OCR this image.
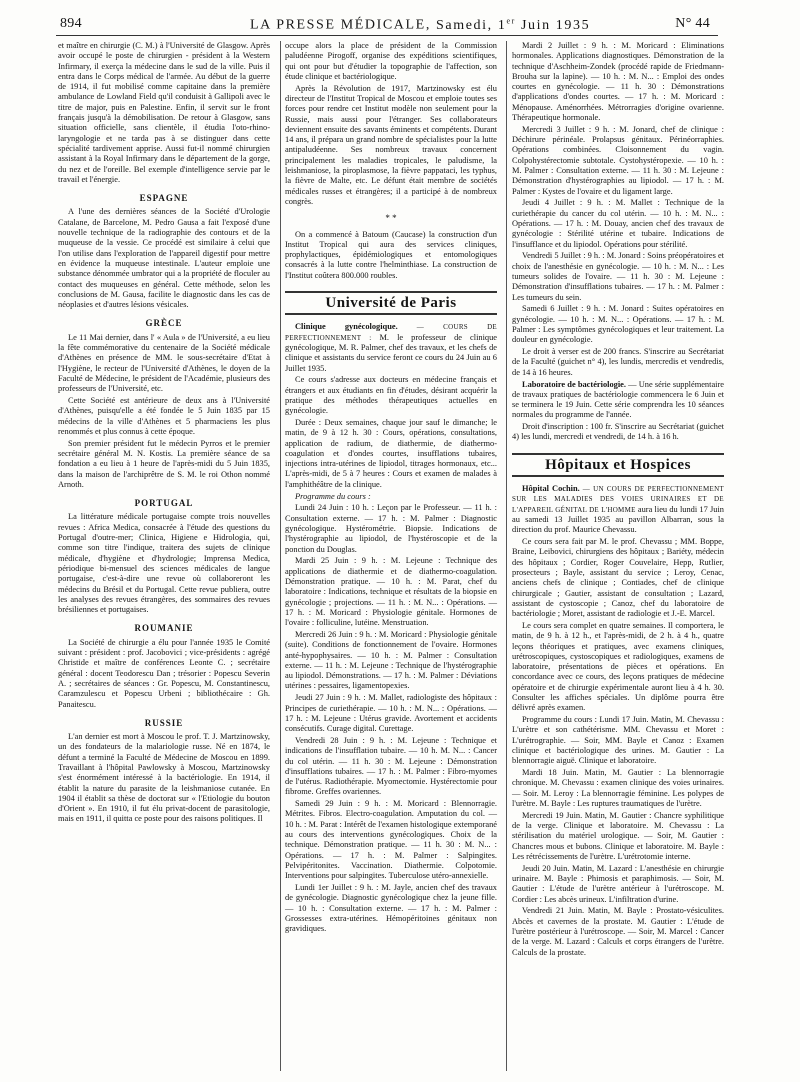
894	LA PRESSE MÉDICALE, Samedi, 1er Juin 1935	N° 44

et maître en chirurgie (C. M.) à l'Université de Glasgow. Après avoir occupé le poste de chirurgien - président à la Western Infirmary, il exerça la médecine dans le sud de la ville. Puis il entra dans le Corps médical de l'armée. Au début de la guerre de 1914, il fut mobilisé comme capitaine dans la première ambulance de Lowland Field qu'il conduisit à Gallipoli avec le titre de major, puis en Palestine. Enfin, il servit sur le front français jusqu'à la démobilisation. De retour à Glasgow, sans situation officielle, sans clientèle, il étudia l'oto-rhino-laryngologie et ne tarda pas à se distinguer dans cette spécialité tardivement apprise. Aussi fut-il nommé chirurgien assistant à la Royal Infirmary dans le département de la gorge, du nez et de l'oreille. Bel exemple d'intelligence servie par le travail et l'énergie.

ESPAGNE

A l'une des dernières séances de la Société d'Urologie Catalane, de Barcelone, M. Pedro Gausa a fait l'exposé d'une nouvelle technique de la radiographie des contours et de la muqueuse de la vessie. Ce procédé est similaire à celui que l'on utilise dans l'exploration de l'appareil digestif pour mettre en évidence la muqueuse intestinale. L'auteur emploie une substance dénommée umbrator qui a la propriété de floculer au contact des muqueuses en général. Cette méthode, selon les conclusions de M. Gausa, facilite le diagnostic dans les cas de néoplasies et d'autres lésions vésicales.

GRÈCE

Le 11 Mai dernier, dans l' « Aula » de l'Université, a eu lieu la fête commémorative du centenaire de la Société médicale d'Athènes en présence de MM. le sous-secrétaire d'Etat à l'Hygiène, le recteur de l'Université d'Athènes, le doyen de la Faculté de Médecine, le président de l'Académie, plusieurs des professeurs de l'Université, etc.

Cette Société est antérieure de deux ans à l'Université d'Athènes, puisqu'elle a été fondée le 5 Juin 1835 par 15 médecins de la ville d'Athènes et 5 pharmaciens les plus renommés et plus connus à cette époque.

Son premier président fut le médecin Pyrros et le premier secrétaire général M. N. Kostis. La première séance de sa fondation a eu lieu à 1 heure de l'après-midi du 5 Juin 1835, dans la maison de l'archiprêtre de S. M. le roi Othon nommé Arnoth.

PORTUGAL

La littérature médicale portugaise compte trois nouvelles revues : Africa Medica, consacrée à l'étude des questions du Portugal d'outre-mer; Clinica, Higiene e Hidrologia, qui, comme son titre l'indique, traitera des sujets de clinique médicale, d'hygiène et d'hydrologie; Imprensa Medica, périodique bi-mensuel des sciences médicales de langue portugaise, c'est-à-dire une revue où collaboreront les médecins du Brésil et du Portugal. Cette revue publiera, outre les analyses des revues étrangères, des sommaires des revues brésiliennes et portugaises.

ROUMANIE

La Société de chirurgie a élu pour l'année 1935 le Comité suivant : président : prof. Jacobovici ; vice-présidents : agrégé Christide et maître de conférences Leonte C. ; secrétaire général : docent Teodorescu Dan ; trésorier : Popescu Severin A. ; secrétaires de séances : Gr. Popescu, M. Constantinescu, Caramzulescu et Popescu Urbeni ; bibliothécaire : Gh. Panaitescu.

RUSSIE

L'an dernier est mort à Moscou le prof. T. J. Martzinowsky, un des fondateurs de la malariologie russe. Né en 1874, le défunt a terminé la Faculté de Médecine de Moscou en 1899. Travaillant à l'hôpital Pawlowsky à Moscou, Martzinowsky s'est énormément intéressé à la bactériologie. En 1914, il établit la nature du parasite de la leishmaniose cutanée. En 1904 il établit sa thèse de doctorat sur « l'Etiologie du bouton d'Orient ». En 1910, il fut élu privat-docent de parasitologie, mais en 1911, il quitta ce poste pour des raisons politiques. Il

occupe alors la place de président de la Commission paludéenne Pirogoff, organise des expéditions scientifiques, qui ont pour but d'étudier la topographie de l'affection, son étude clinique et bactériologique.

Après la Révolution de 1917, Martzinowsky est élu directeur de l'Institut Tropical de Moscou et emploie toutes ses forces pour rendre cet Institut modèle non seulement pour la Russie, mais aussi pour l'étranger. Ses collaborateurs deviennent ensuite des savants éminents et compétents. Durant 14 ans, il prépara un grand nombre de spécialistes pour la lutte antipaludéenne. Ses nombreux travaux concernent principalement les maladies tropicales, le paludisme, la leishmaniose, la piroplasmose, la fièvre pappataci, les typhus, la fièvre de Malte, etc. Le défunt était membre de sociétés médicales russes et étrangères; il a participé à de nombreux congrès.

* *

On a commencé à Batoum (Caucase) la construction d'un Institut Tropical qui aura des services cliniques, prophylactiques, épidémiologiques et entomologiques consacrés à la lutte contre l'helminthiase. La construction de l'Institut coûtera 800.000 roubles.

Université de Paris

Clinique gynécologique. — COURS DE PERFECTIONNEMENT : M. le professeur de clinique gynécologique, M. R. Palmer, chef des travaux, et les chefs de clinique et assistants du service feront ce cours du 24 Juin au 6 Juillet 1935.

Ce cours s'adresse aux docteurs en médecine français et étrangers et aux étudiants en fin d'études, désirant acquérir la pratique des méthodes thérapeutiques actuelles en gynécologie.

Durée : Deux semaines, chaque jour sauf le dimanche; le matin, de 9 à 12 h. 30 : Cours, opérations, consultations, application de radium, de diathermie, de diathermo-coagulation et d'ondes courtes, insufflations tubaires, injections intra-utérines de lipiodol, titrages hormonaux, etc... L'après-midi, de 5 à 7 heures : Cours et examen de malades à l'amphithéâtre de la clinique.

Programme du cours :

Lundi 24 Juin : 10 h. : Leçon par le Professeur. — 11 h. : Consultation externe. — 17 h. : M. Palmer : Diagnostic gynécologique. Hystérométrie. Biopsie. Indications de l'hystérographie au lipiodol, de l'hystéroscopie et de la ponction du Douglas.

Mardi 25 Juin : 9 h. : M. Lejeune : Technique des applications de diathermie et de diathermo-coagulation. Démonstration pratique. — 10 h. : M. Parat, chef du laboratoire : Indications, technique et résultats de la biopsie en gynécologie ; projections. — 11 h. : M. N... : Opérations. — 17 h. : M. Moricard : Physiologie génitale. Hormones de l'ovaire : folliculine, lutéine. Menstruation.

Mercredi 26 Juin : 9 h. : M. Moricard : Physiologie génitale (suite). Conditions de fonctionnement de l'ovaire. Hormones anté-hypophysaires. — 10 h. : M. Palmer : Consultation externe. — 11 h. : M. Lejeune : Technique de l'hystérographie au lipiodol. Démonstrations. — 17 h. : M. Palmer : Déviations utérines : pessaires, ligamentopexies.

Jeudi 27 Juin : 9 h. : M. Mallet, radiologiste des hôpitaux : Principes de curiethérapie. — 10 h. : M. N... : Opérations. — 17 h. : M. Lejeune : Utérus gravide. Avortement et accidents consécutifs. Curage digital. Curettage.

Vendredi 28 Juin : 9 h. : M. Lejeune : Technique et indications de l'insufflation tubaire. — 10 h. M. N... : Cancer du col utérin. — 11 h. 30 : M. Lejeune : Démonstration d'insufflations tubaires. — 17 h. : M. Palmer : Fibro-myomes de l'utérus. Radiothérapie. Myomectomie. Hystérectomie pour fibrome. Greffes ovariennes.

Samedi 29 Juin : 9 h. : M. Moricard : Blennorragie. Métrites. Fibros. Electro-coagulation. Amputation du col. — 10 h. : M. Parat : Intérêt de l'examen histologique extemporané au cours des interventions gynécologiques. Choix de la technique. Démonstration pratique. — 11 h. 30 : M. N... : Opérations. — 17 h. : M. Palmer : Salpingites. Pelvipéritonites. Vaccination. Diathermie. Colpotomie. Interventions pour salpingites. Tuberculose utéro-annexielle.

Lundi 1er Juillet : 9 h. : M. Jayle, ancien chef des travaux de gynécologie. Diagnostic gynécologique chez la jeune fille. — 10 h. : Consultation externe. — 17 h. : M. Palmer : Grossesses extra-utérines. Hémopéritoines génitaux non gravidiques.

Mardi 2 Juillet : 9 h. : M. Moricard : Eliminations hormonales. Applications diagnostiques. Démonstration de la technique d'Aschheim-Zondek (procédé rapide de Friedmann-Brouha sur la lapine). — 10 h. : M. N... : Emploi des ondes courtes en gynécologie. — 11 h. 30 : Démonstrations d'applications d'ondes courtes. — 17 h. : M. Moricard : Ménopause. Aménorrhées. Métrorragies d'origine ovarienne. Thérapeutique hormonale.

Mercredi 3 Juillet : 9 h. : M. Jonard, chef de clinique : Déchirure périnéale. Prolapsus génitaux. Périnéorraphies. Opérations combinées. Cloisonnement du vagin. Colpohystérectomie subtotale. Cystohystéropexie. — 10 h. : M. Palmer : Consultation externe. — 11 h. 30 : M. Lejeune : Démonstration d'hystérographies au lipiodol. — 17 h. : M. Palmer : Kystes de l'ovaire et du ligament large.

Jeudi 4 Juillet : 9 h. : M. Mallet : Technique de la curiethérapie du cancer du col utérin. — 10 h. : M. N... : Opérations. — 17 h. : M. Douay, ancien chef des travaux de gynécologie : Stérilité utérine et tubaire. Indications de l'insufflance et du lipiodol. Opérations pour stérilité.

Vendredi 5 Juillet : 9 h. : M. Jonard : Soins préopératoires et choix de l'anesthésie en gynécologie. — 10 h. : M. N... : Les tumeurs solides de l'ovaire. — 11 h. 30 : M. Lejeune : Démonstration d'insufflations tubaires. — 17 h. : M. Palmer : Les tumeurs du sein.

Samedi 6 Juillet : 9 h. : M. Jonard : Suites opératoires en gynécologie. — 10 h. : M. N... : Opérations. — 17 h. : M. Palmer : Les symptômes gynécologiques et leur traitement. La douleur en gynécologie.

Le droit à verser est de 200 francs. S'inscrire au Secrétariat de la Faculté (guichet n° 4), les lundis, mercredis et vendredis, de 14 à 16 heures.

Laboratoire de bactériologie. — Une série supplémentaire de travaux pratiques de bactériologie commencera le 6 Juin et se terminera le 19 Juin. Cette série comprendra les 10 séances normales du programme de l'année.

Droit d'inscription : 100 fr. S'inscrire au Secrétariat (guichet 4) les lundi, mercredi et vendredi, de 14 h. à 16 h.

Hôpitaux et Hospices

Hôpital Cochin. — UN COURS DE PERFECTIONNEMENT SUR LES MALADIES DES VOIES URINAIRES ET DE L'APPAREIL GÉNITAL DE L'HOMME aura lieu du lundi 17 Juin au samedi 13 Juillet 1935 au pavillon Albarran, sous la direction du prof. Maurice Chevassu.

Ce cours sera fait par M. le prof. Chevassu ; MM. Boppe, Braine, Leibovici, chirurgiens des hôpitaux ; Bariéty, médecin des hôpitaux ; Cordier, Roger Couvelaire, Hepp, Rutlier, prosecteurs ; Bayle, assistant du service ; Leroy, Cenac, anciens chefs de clinique ; Contiades, chef de clinique chirurgicale ; Gautier, assistant de consultation ; Lazard, assistant de cystoscopie ; Canoz, chef du laboratoire de bactériologie ; Moret, assistant de radiologie et J.-E. Marcel.

Le cours sera complet en quatre semaines. Il comportera, le matin, de 9 h. à 12 h., et l'après-midi, de 2 h. à 4 h., quatre leçons théoriques et pratiques, avec examens cliniques, urétroscopiques, cystoscopiques et radiologiques, examens de laboratoire, présentations de pièces et opérations. En concordance avec ce cours, des leçons pratiques de médecine opératoire et de chirurgie expérimentale auront lieu à 4 h. 30. Consulter les affiches spéciales. Un diplôme pourra être délivré après examen.

Programme du cours : Lundi 17 Juin. Matin, M. Chevassu : L'urètre et son cathétérisme. MM. Chevassu et Moret : L'urétrographie. — Soir, MM. Bayle et Canoz : Examen clinique et bactériologique des urines. M. Gautier : La blennorragie aiguë. Clinique et laboratoire.

Mardi 18 Juin. Matin, M. Gautier : La blennorragie chronique. M. Chevassu : examen clinique des voies urinaires. — Soir. M. Leroy : La blennorragie féminine. Les polypes de l'urètre. M. Bayle : Les ruptures traumatiques de l'urètre.

Mercredi 19 Juin. Matin, M. Gautier : Chancre syphilitique de la verge. Clinique et laboratoire. M. Chevassu : La stérilisation du matériel urologique. — Soir, M. Gautier : Chancres mous et bubons. Clinique et laboratoire. M. Bayle : Les rétrécissements de l'urètre. L'urétrotomie interne.

Jeudi 20 Juin. Matin, M. Lazard : L'anesthésie en chirurgie urinaire. M. Bayle : Phimosis et paraphimosis. — Soir, M. Gautier : L'étude de l'urètre antérieur à l'urétroscope. M. Cordier : Les abcès urineux. L'infiltration d'urine.

Vendredi 21 Juin. Matin, M. Bayle : Prostato-vésiculites. Abcès et cavernes de la prostate. M. Gautier : L'étude de l'urètre postérieur à l'urétroscope. — Soir, M. Marcel : Cancer de la verge. M. Lazard : Calculs et corps étrangers de l'urètre. Calculs de la prostate.
